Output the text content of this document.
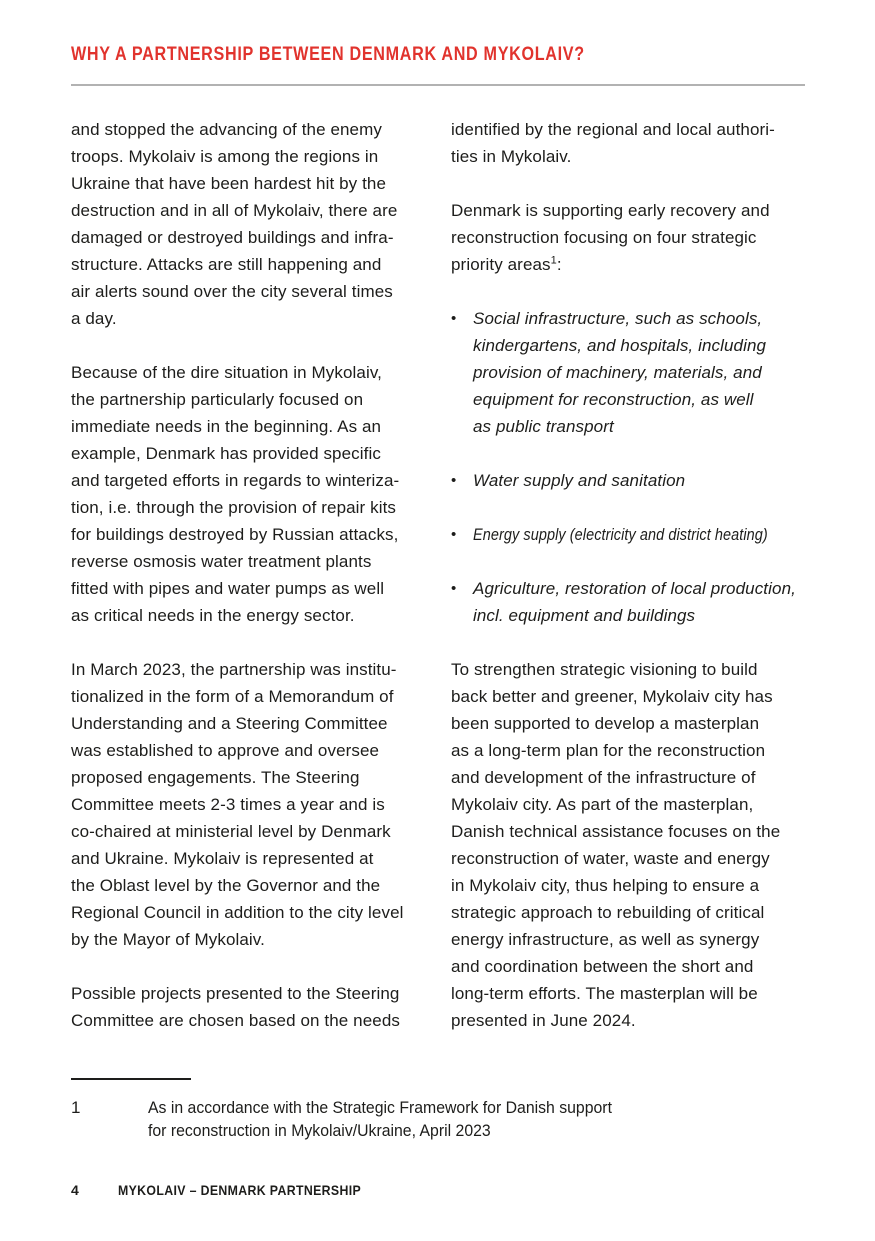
WHY A PARTNERSHIP BETWEEN DENMARK AND MYKOLAIV?
and stopped the advancing of the enemy
troops. Mykolaiv is among the regions in
Ukraine that have been hardest hit by the
destruction and in all of Mykolaiv, there are
damaged or destroyed buildings and infra-
structure. Attacks are still happening and
air alerts sound over the city several times
a day.
Because of the dire situation in Mykolaiv,
the partnership particularly focused on
immediate needs in the beginning. As an
example, Denmark has provided specific
and targeted efforts in regards to winteriza-
tion, i.e. through the provision of repair kits
for buildings destroyed by Russian attacks,
reverse osmosis water treatment plants
fitted with pipes and water pumps as well
as critical needs in the energy sector.
In March 2023, the partnership was institu-
tionalized in the form of a Memorandum of
Understanding and a Steering Committee
was established to approve and oversee
proposed engagements. The Steering
Committee meets 2-3 times a year and is
co-chaired at ministerial level by Denmark
and Ukraine. Mykolaiv is represented at
the Oblast level by the Governor and the
Regional Council in addition to the city level
by the Mayor of Mykolaiv.
Possible projects presented to the Steering
Committee are chosen based on the needs
identified by the regional and local authori-
ties in Mykolaiv.
Denmark is supporting early recovery and
reconstruction focusing on four strategic
priority areas$^1$:
• Social infrastructure, such as schools,
kindergartens, and hospitals, including
provision of machinery, materials, and
equipment for reconstruction, as well
as public transport
• Water supply and sanitation
• Energy supply (electricity and district heating)
• Agriculture, restoration of local production,
incl. equipment and buildings
To strengthen strategic visioning to build
back better and greener, Mykolaiv city has
been supported to develop a masterplan
as a long-term plan for the reconstruction
and development of the infrastructure of
Mykolaiv city. As part of the masterplan,
Danish technical assistance focuses on the
reconstruction of water, waste and energy
in Mykolaiv city, thus helping to ensure a
strategic approach to rebuilding of critical
energy infrastructure, as well as synergy
and coordination between the short and
long-term efforts. The masterplan will be
presented in June 2024.
1	As in accordance with the Strategic Framework for Danish support
for reconstruction in Mykolaiv/Ukraine, April 2023
4	MYKOLAIV – DENMARK PARTNERSHIP
